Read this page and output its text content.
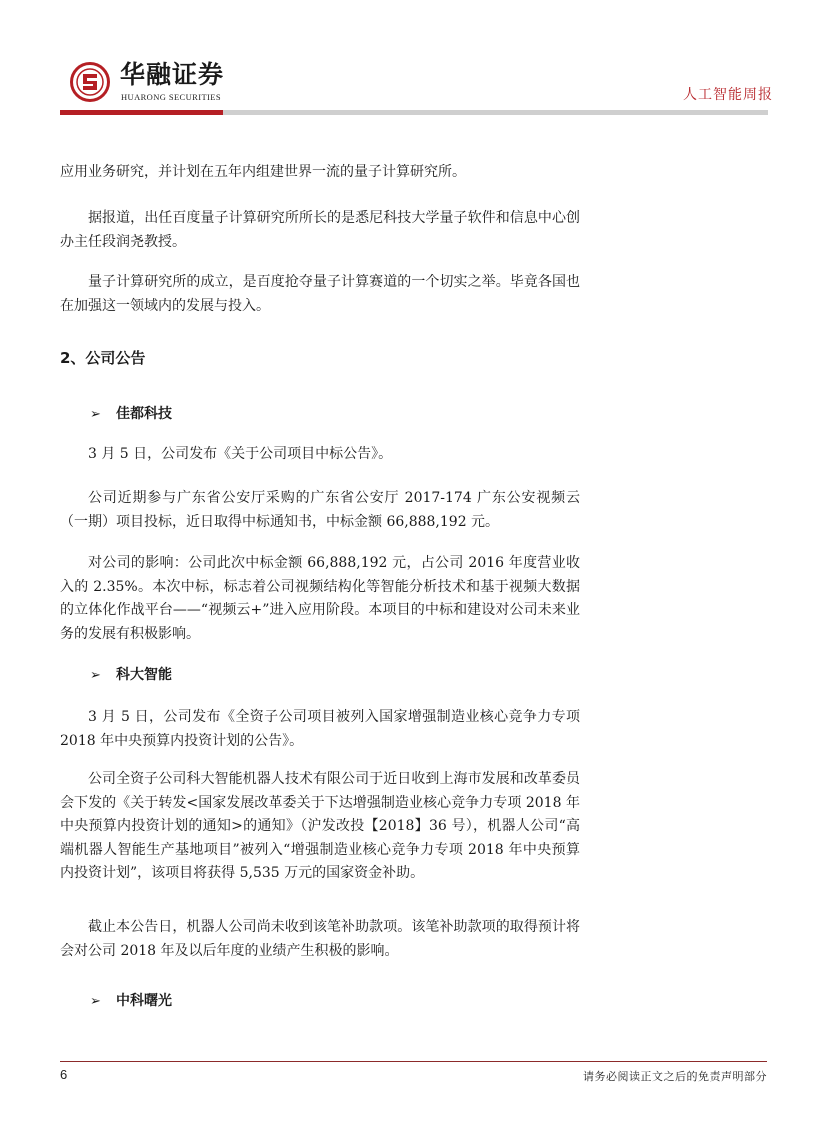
华融证券
HUARONG SECURITIES	人工智能周报

应用业务研究，并计划在五年内组建世界一流的量子计算研究所。

据报道，出任百度量子计算研究所所长的是悉尼科技大学量子软件和信息中心创办主任段润尧教授。

量子计算研究所的成立，是百度抢夺量子计算赛道的一个切实之举。毕竟各国也在加强这一领域内的发展与投入。

2、公司公告
➢ 佳都科技

3 月 5 日，公司发布《关于公司项目中标公告》。

公司近期参与广东省公安厅采购的广东省公安厅 2017-174 广东公安视频云（一期）项目投标，近日取得中标通知书，中标金额 66,888,192 元。

对公司的影响：公司此次中标金额 66,888,192 元，占公司 2016 年度营业收入的 2.35%。本次中标，标志着公司视频结构化等智能分析技术和基于视频大数据的立体化作战平台——“视频云+”进入应用阶段。本项目的中标和建设对公司未来业务的发展有积极影响。

➢ 科大智能

3 月 5 日，公司发布《全资子公司项目被列入国家增强制造业核心竞争力专项 2018 年中央预算内投资计划的公告》。

公司全资子公司科大智能机器人技术有限公司于近日收到上海市发展和改革委员会下发的《关于转发<国家发展改革委关于下达增强制造业核心竞争力专项 2018 年中央预算内投资计划的通知>的通知》（沪发改投【2018】36 号），机器人公司“高端机器人智能生产基地项目”被列入“增强制造业核心竞争力专项 2018 年中央预算内投资计划”，该项目将获得 5,535 万元的国家资金补助。

截止本公告日，机器人公司尚未收到该笔补助款项。该笔补助款项的取得预计将会对公司 2018 年及以后年度的业绩产生积极的影响。

➢ 中科曙光
6	请务必阅读正文之后的免责声明部分
